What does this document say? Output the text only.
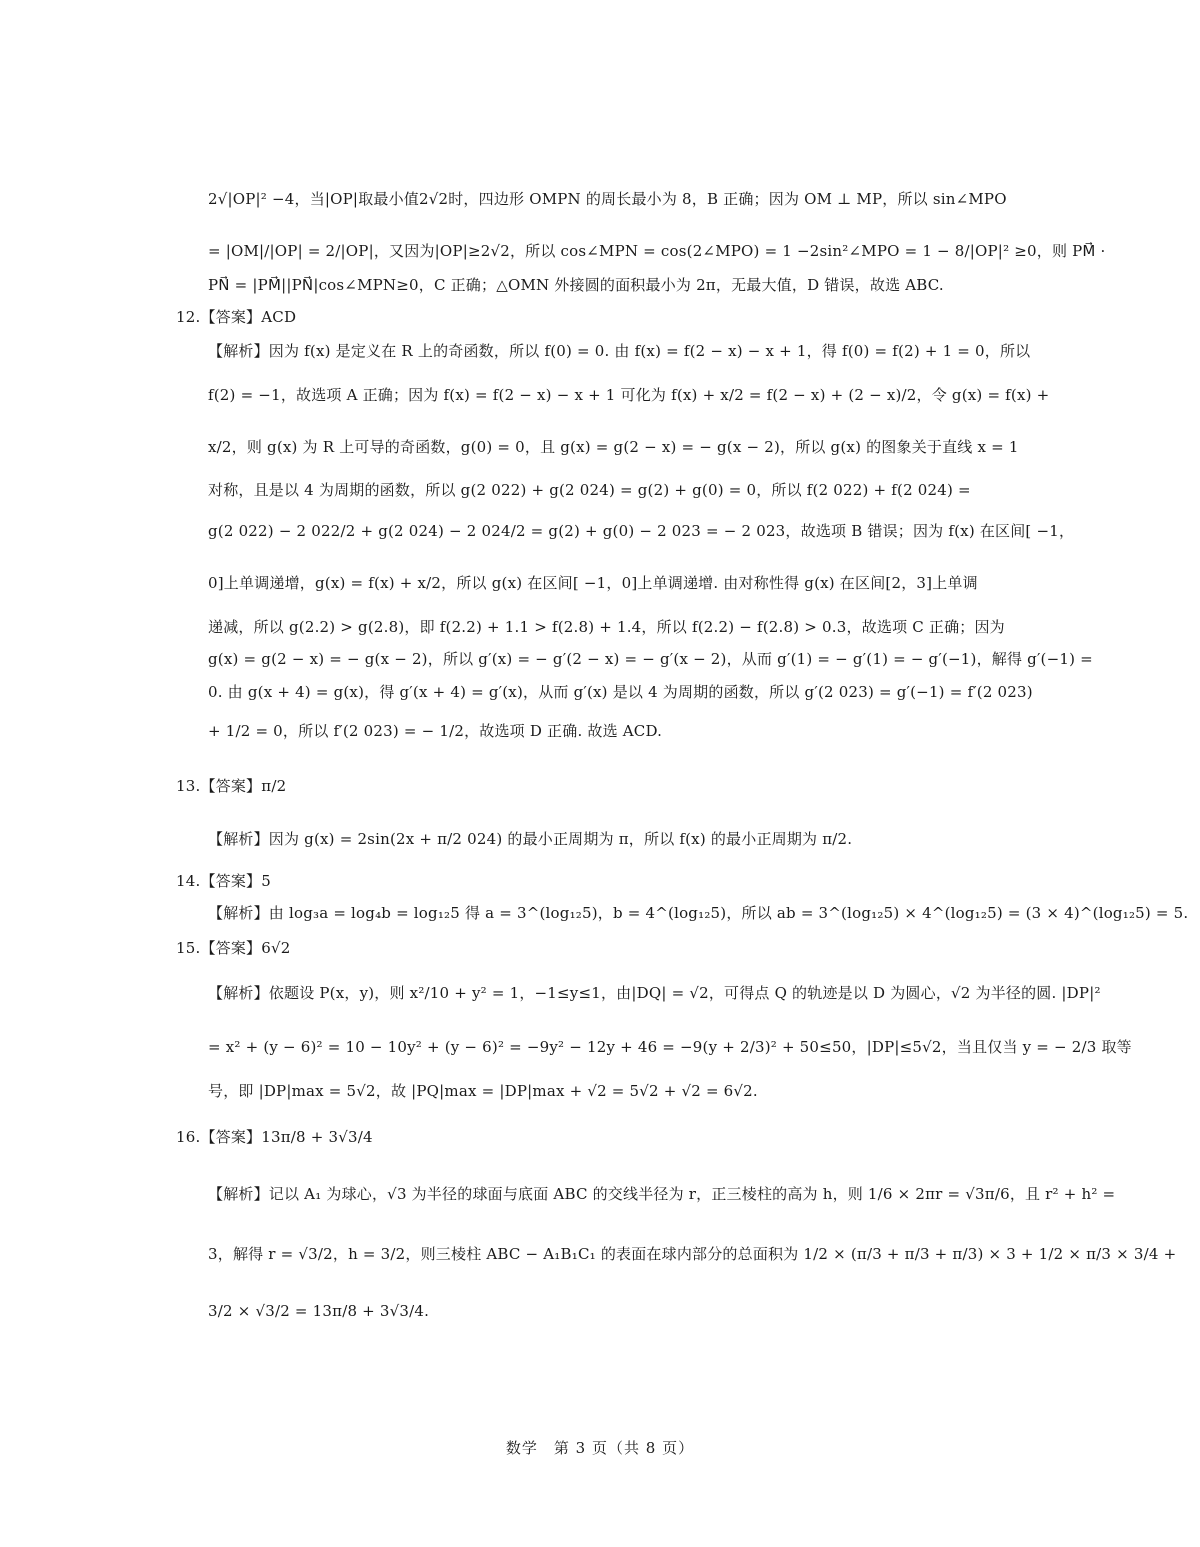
2√|OP|² −4，当|OP|取最小值2√2时，四边形 OMPN 的周长最小为 8，B 正确；因为 OM ⊥ MP，所以 sin∠MPO
= |OM|/|OP| = 2/|OP|，又因为|OP|≥2√2，所以 cos∠MPN = cos(2∠MPO) = 1 −2sin²∠MPO = 1 − 8/|OP|² ≥0，则 PM⃗ ·
PN⃗ = |PM⃗||PN⃗|cos∠MPN≥0，C 正确；△OMN 外接圆的面积最小为 2π，无最大值，D 错误，故选 ABC.
12.【答案】ACD
【解析】因为 f(x) 是定义在 R 上的奇函数，所以 f(0) = 0. 由 f(x) = f(2 − x) − x + 1，得 f(0) = f(2) + 1 = 0，所以
f(2) = −1，故选项 A 正确；因为 f(x) = f(2 − x) − x + 1 可化为 f(x) + x/2 = f(2 − x) + (2 − x)/2，令 g(x) = f(x) +
x/2，则 g(x) 为 R 上可导的奇函数，g(0) = 0，且 g(x) = g(2 − x) = − g(x − 2)，所以 g(x) 的图象关于直线 x = 1
对称，且是以 4 为周期的函数，所以 g(2 022) + g(2 024) = g(2) + g(0) = 0，所以 f(2 022) + f(2 024) =
g(2 022) − 2 022/2 + g(2 024) − 2 024/2 = g(2) + g(0) − 2 023 = − 2 023，故选项 B 错误；因为 f(x) 在区间[ −1，
0]上单调递增，g(x) = f(x) + x/2，所以 g(x) 在区间[ −1，0]上单调递增. 由对称性得 g(x) 在区间[2，3]上单调
递减，所以 g(2.2) > g(2.8)，即 f(2.2) + 1.1 > f(2.8) + 1.4，所以 f(2.2) − f(2.8) > 0.3，故选项 C 正确；因为
g(x) = g(2 − x) = − g(x − 2)，所以 g′(x) = − g′(2 − x) = − g′(x − 2)，从而 g′(1) = − g′(1) = − g′(−1)，解得 g′(−1) =
0. 由 g(x + 4) = g(x)，得 g′(x + 4) = g′(x)，从而 g′(x) 是以 4 为周期的函数，所以 g′(2 023) = g′(−1) = f′(2 023)
+ 1/2 = 0，所以 f′(2 023) = − 1/2，故选项 D 正确. 故选 ACD.
13.【答案】π/2
【解析】因为 g(x) = 2sin(2x + π/2 024) 的最小正周期为 π，所以 f(x) 的最小正周期为 π/2.
14.【答案】5
【解析】由 log₃a = log₄b = log₁₂5 得 a = 3^(log₁₂5)，b = 4^(log₁₂5)，所以 ab = 3^(log₁₂5) × 4^(log₁₂5) = (3 × 4)^(log₁₂5) = 5.
15.【答案】6√2
【解析】依题设 P(x，y)，则 x²/10 + y² = 1，−1≤y≤1，由|DQ| = √2，可得点 Q 的轨迹是以 D 为圆心，√2 为半径的圆. |DP|²
= x² + (y − 6)² = 10 − 10y² + (y − 6)² = −9y² − 12y + 46 = −9(y + 2/3)² + 50≤50，|DP|≤5√2，当且仅当 y = − 2/3 取等
号，即 |DP|max = 5√2，故 |PQ|max = |DP|max + √2 = 5√2 + √2 = 6√2.
16.【答案】13π/8 + 3√3/4
【解析】记以 A₁ 为球心，√3 为半径的球面与底面 ABC 的交线半径为 r，正三棱柱的高为 h，则 1/6 × 2πr = √3π/6，且 r² + h² =
3，解得 r = √3/2，h = 3/2，则三棱柱 ABC − A₁B₁C₁ 的表面在球内部分的总面积为 1/2 × (π/3 + π/3 + π/3) × 3 + 1/2 × π/3 × 3/4 +
3/2 × √3/2 = 13π/8 + 3√3/4.
数学　第 3 页（共 8 页）
